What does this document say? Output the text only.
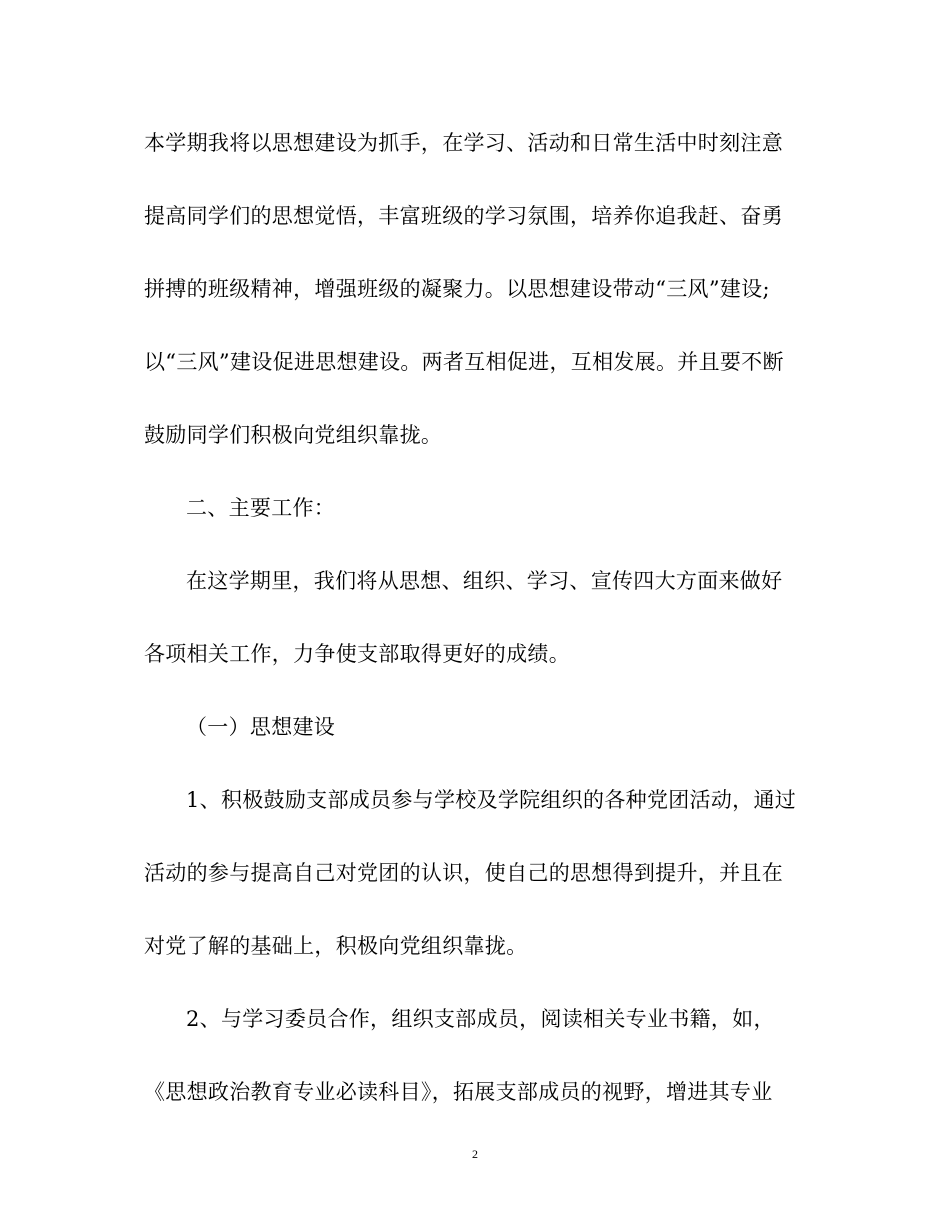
本学期我将以思想建设为抓手，在学习、活动和日常生活中时刻注意
提高同学们的思想觉悟，丰富班级的学习氛围，培养你追我赶、奋勇
拼搏的班级精神，增强班级的凝聚力。以思想建设带动“三风”建设;
以“三风”建设促进思想建设。两者互相促进，互相发展。并且要不断
鼓励同学们积极向党组织靠拢。
二、主要工作：
在这学期里，我们将从思想、组织、学习、宣传四大方面来做好
各项相关工作，力争使支部取得更好的成绩。
（一）思想建设
1、积极鼓励支部成员参与学校及学院组织的各种党团活动，通过
活动的参与提高自己对党团的认识，使自己的思想得到提升，并且在
对党了解的基础上，积极向党组织靠拢。
2、与学习委员合作，组织支部成员，阅读相关专业书籍，如，
《思想政治教育专业必读科目》，拓展支部成员的视野，增进其专业
2
